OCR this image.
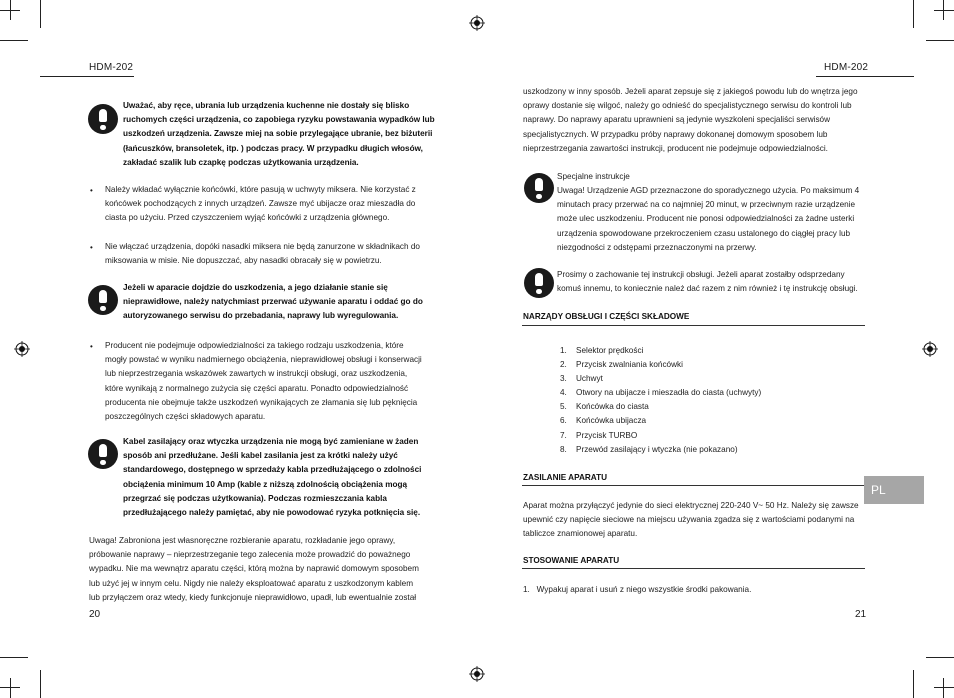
HDM-202
Uważać, aby ręce, ubrania lub urządzenia kuchenne nie dostały się blisko ruchomych części urządzenia, co zapobiega ryzyku powstawania wypadków lub uszkodzeń urządzenia. Zawsze miej na sobie przylegające ubranie, bez biżuterii (łańcuszków, bransoletek, itp. ) podczas pracy. W przypadku długich włosów, zakładać szalik lub czapkę podczas użytkowania urządzenia.
• Należy wkładać wyłącznie końcówki, które pasują w uchwyty miksera. Nie korzystać z końcówek pochodzących z innych urządzeń. Zawsze myć ubijacze oraz mieszadła do ciasta po użyciu. Przed czyszczeniem wyjąć końcówki z urządzenia głównego.
• Nie włączać urządzenia, dopóki nasadki miksera nie będą zanurzone w składnikach do miksowania w misie. Nie dopuszczać, aby nasadki obracały się w powietrzu.
Jeżeli w aparacie dojdzie do uszkodzenia, a jego działanie stanie się nieprawidłowe, należy natychmiast przerwać używanie aparatu i oddać go do autoryzowanego serwisu do przebadania, naprawy lub wyregulowania.
• Producent nie podejmuje odpowiedzialności za takiego rodzaju uszkodzenia, które mogły powstać w wyniku nadmiernego obciążenia, nieprawidłowej obsługi i konserwacji lub nieprzestrzegania wskazówek zawartych w instrukcji obsługi, oraz uszkodzenia, które wynikają z normalnego zużycia się części aparatu. Ponadto odpowiedzialność producenta nie obejmuje także uszkodzeń wynikających ze złamania się lub pęknięcia poszczególnych części składowych aparatu.
Kabel zasilający oraz wtyczka urządzenia nie mogą być zamieniane w żaden sposób ani przedłużane. Jeśli kabel zasilania jest za krótki należy użyć standardowego, dostępnego w sprzedaży kabla przedłużającego o zdolności obciążenia minimum 10 Amp (kable z niższą zdolnością obciążenia mogą przegrzać się podczas użytkowania). Podczas rozmieszczania kabla przedłużającego należy pamiętać, aby nie powodować ryzyka potknięcia się.
Uwaga! Zabroniona jest własnoręczne rozbieranie aparatu, rozkładanie jego oprawy, próbowanie naprawy – nieprzestrzeganie tego zalecenia może prowadzić do poważnego wypadku. Nie ma wewnątrz aparatu części, którą można by naprawić domowym sposobem lub użyć jej w innym celu. Nigdy nie należy eksploatować aparatu z uszkodzonym kablem lub przyłączem oraz wtedy, kiedy funkcjonuje nieprawidłowo, upadł, lub ewentualnie został
20
HDM-202
uszkodzony w inny sposób. Jeżeli aparat zepsuje się z jakiegoś powodu lub do wnętrza jego oprawy dostanie się wilgoć, należy go odnieść do specjalistycznego serwisu do kontroli lub naprawy. Do naprawy aparatu uprawnieni są jedynie wyszkoleni specjaliści serwisów specjalistycznych. W przypadku próby naprawy dokonanej domowym sposobem lub nieprzestrzegania zawartości instrukcji, producent nie podejmuje odpowiedzialności.
Specjalne instrukcje
Uwaga! Urządzenie AGD przeznaczone do sporadycznego użycia. Po maksimum 4 minutach pracy przerwać na co najmniej 20 minut, w przeciwnym razie urządzenie może ulec uszkodzeniu. Producent nie ponosi odpowiedzialności za żadne usterki urządzenia spowodowane przekroczeniem czasu ustalonego do ciągłej pracy lub niezgodności z odstępami przeznaczonymi na przerwy.
Prosimy o zachowanie tej instrukcji obsługi. Jeżeli aparat zostałby odsprzedany komuś innemu, to koniecznie należ dać razem z nim również i tę instrukcję obsługi.
NARZĄDY OBSŁUGI I CZĘŚCI SKŁADOWE
1. Selektor prędkości
2. Przycisk zwalniania końcówki
3. Uchwyt
4. Otwory na ubijacze i mieszadła do ciasta (uchwyty)
5. Końcówka do ciasta
6. Końcówka ubijacza
7. Przycisk TURBO
8. Przewód zasilający i wtyczka (nie pokazano)
ZASILANIE APARATU
Aparat można przyłączyć jedynie do sieci elektrycznej 220-240 V~ 50 Hz. Należy się zawsze upewnić czy napięcie sieciowe na miejscu używania zgadza się z wartościami podanymi na tabliczce znamionowej aparatu.
STOSOWANIE APARATU
1.   Wypakuj aparat i usuń z niego wszystkie środki pakowania.
PL
21
